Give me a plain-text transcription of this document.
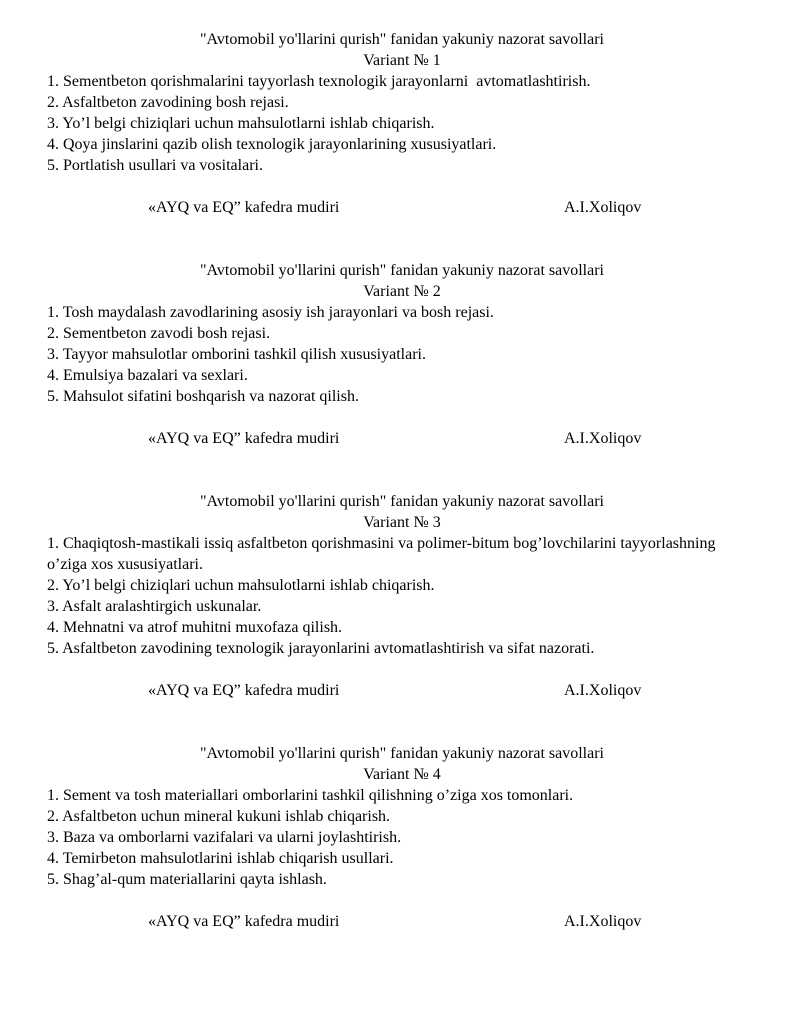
"Avtomobil yo'llarini qurish" fanidan yakuniy nazorat savollari
Variant № 1
1. Sementbeton qorishmalarini tayyorlash texnologik jarayonlarni  avtomatlashtirish.
2. Asfaltbeton zavodining bosh rejasi.
3. Yo’l belgi chiziqlari uchun mahsulotlarni ishlab chiqarish.
4. Qoya jinslarini qazib olish texnologik jarayonlarining xususiyatlari.
5. Portlatish usullari va vositalari.
«AYQ va EQ” kafedra mudiri	A.I.Xoliqov
"Avtomobil yo'llarini qurish" fanidan yakuniy nazorat savollari
Variant № 2
1. Tosh maydalash zavodlarining asosiy ish jarayonlari va bosh rejasi.
2. Sementbeton zavodi bosh rejasi.
3. Tayyor mahsulotlar omborini tashkil qilish xususiyatlari.
4. Emulsiya bazalari va sexlari.
5. Mahsulot sifatini boshqarish va nazorat qilish.
«AYQ va EQ” kafedra mudiri	A.I.Xoliqov
"Avtomobil yo'llarini qurish" fanidan yakuniy nazorat savollari
Variant № 3
1. Chaqiqtosh-mastikali issiq asfaltbeton qorishmasini va polimer-bitum bog’lovchilarini tayyorlashning o’ziga xos xususiyatlari.
2. Yo’l belgi chiziqlari uchun mahsulotlarni ishlab chiqarish.
3. Asfalt aralashtirgich uskunalar.
4. Mehnatni va atrof muhitni muxofaza qilish.
5. Asfaltbeton zavodining texnologik jarayonlarini avtomatlashtirish va sifat nazorati.
«AYQ va EQ” kafedra mudiri	A.I.Xoliqov
"Avtomobil yo'llarini qurish" fanidan yakuniy nazorat savollari
Variant № 4
1. Sement va tosh materiallari omborlarini tashkil qilishning o’ziga xos tomonlari.
2. Asfaltbeton uchun mineral kukuni ishlab chiqarish.
3. Baza va omborlarni vazifalari va ularni joylashtirish.
4. Temirbeton mahsulotlarini ishlab chiqarish usullari.
5. Shag’al-qum materiallarini qayta ishlash.
«AYQ va EQ” kafedra mudiri	A.I.Xoliqov
